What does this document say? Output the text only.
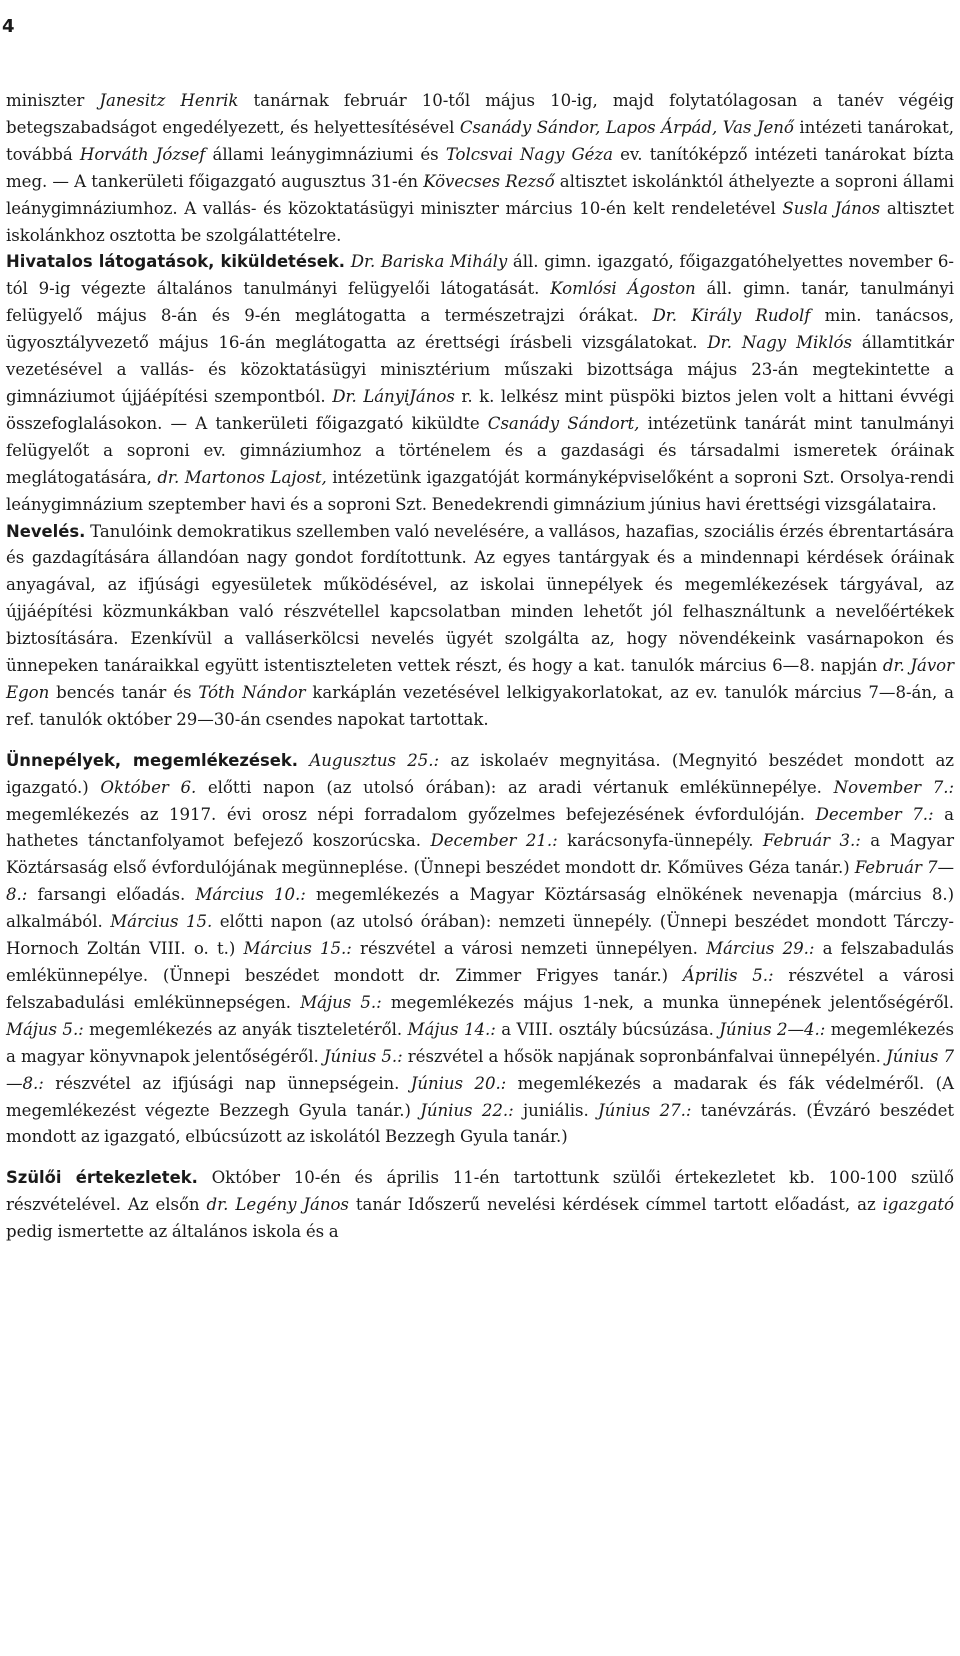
4

miniszter Janesitz Henrik tanárnak február 10-től május 10-ig, majd folytatólagosan a tanév végéig betegszabadságot engedélyezett, és helyettesítésével Csanády Sándor, Lapos Árpád, Vas Jenő intézeti tanárokat, továbbá Horváth József állami leánygimnáziumi és Tolcsvai Nagy Géza ev. tanítóképző intézeti tanárokat bízta meg. — A tankerületi főigazgató augusztus 31-én Kövecses Rezső altisztet iskolánktól áthelyezte a soproni állami leánygimnáziumhoz. A vallás- és közoktatásügyi miniszter március 10-én kelt rendeletével Susla János altisztet iskolánkhoz osztotta be szolgálattételre.

Hivatalos látogatások, kiküldetések. Dr. Bariska Mihály áll. gimn. igazgató, főigazgatóhelyettes november 6-tól 9-ig végezte általános tanulmányi felügyelői látogatását. Komlósi Ágoston áll. gimn. tanár, tanulmányi felügyelő május 8-án és 9-én meglátogatta a természetrajzi órákat. Dr. Király Rudolf min. tanácsos, ügyosztályvezető május 16-án meglátogatta az érettségi írásbeli vizsgálatokat. Dr. Nagy Miklós államtitkár vezetésével a vallás- és közoktatásügyi minisztérium műszaki bizottsága május 23-án megtekintette a gimnáziumot újjáépítési szempontból. Dr. LányiJános r. k. lelkész mint püspöki biztos jelen volt a hittani évvégi összefoglalásokon. — A tankerületi főigazgató kiküldte Csanády Sándort, intézetünk tanárát mint tanulmányi felügyelőt a soproni ev. gimnáziumhoz a történelem és a gazdasági és társadalmi ismeretek óráinak meglátogatására, dr. Martonos Lajost, intézetünk igazgatóját kormányképviselőként a soproni Szt. Orsolya-rendi leánygimnázium szeptember havi és a soproni Szt. Benedekrendi gimnázium június havi érettségi vizsgálataira.

Nevelés. Tanulóink demokratikus szellemben való nevelésére, a vallásos, hazafias, szociális érzés ébrentartására és gazdagítására állandóan nagy gondot fordítottunk. Az egyes tantárgyak és a mindennapi kérdések óráinak anyagával, az ifjúsági egyesületek működésével, az iskolai ünnepélyek és megemlékezések tárgyával, az újjáépítési közmunkákban való részvétellel kapcsolatban minden lehetőt jól felhasználtunk a nevelőértékek biztosítására. Ezenkívül a valláserkölcsi nevelés ügyét szolgálta az, hogy növendékeink vasárnapokon és ünnepeken tanáraikkal együtt istentiszteleten vettek részt, és hogy a kat. tanulók március 6—8. napján dr. Jávor Egon bencés tanár és Tóth Nándor karkáplán vezetésével lelkigyakorlatokat, az ev. tanulók március 7—8-án, a ref. tanulók október 29—30-án csendes napokat tartottak.

Ünnepélyek, megemlékezések. Augusztus 25.: az iskolaév megnyitása. (Megnyitó beszédet mondott az igazgató.) Október 6. előtti napon (az utolsó órában): az aradi vértanuk emlékünnepélye. November 7.: megemlékezés az 1917. évi orosz népi forradalom győzelmes befejezésének évfordulóján. December 7.: a hathetes tánctanfolyamot befejező koszorúcska. December 21.: karácsonyfa-ünnepély. Február 3.: a Magyar Köztársaság első évfordulójának megünneplése. (Ünnepi beszédet mondott dr. Kőmüves Géza tanár.) Február 7—8.: farsangi előadás. Március 10.: megemlékezés a Magyar Köztársaság elnökének nevenapja (március 8.) alkalmából. Március 15. előtti napon (az utolsó órában): nemzeti ünnepély. (Ünnepi beszédet mondott Tárczy-Hornoch Zoltán VIII. o. t.) Március 15.: részvétel a városi nemzeti ünnepélyen. Március 29.: a felszabadulás emlékünnepélye. (Ünnepi beszédet mondott dr. Zimmer Frigyes tanár.) Április 5.: részvétel a városi felszabadulási emlékünnepségen. Május 5.: megemlékezés május 1-nek, a munka ünnepének jelentőségéről. Május 5.: megemlékezés az anyák tiszteletéről. Május 14.: a VIII. osztály búcsúzása. Június 2—4.: megemlékezés a magyar könyvnapok jelentőségéről. Június 5.: részvétel a hősök napjának sopronbánfalvai ünnepélyén. Június 7—8.: részvétel az ifjúsági nap ünnepségein. Június 20.: megemlékezés a madarak és fák védelméről. (A megemlékezést végezte Bezzegh Gyula tanár.) Június 22.: juniális. Június 27.: tanévzárás. (Évzáró beszédet mondott az igazgató, elbúcsúzott az iskolától Bezzegh Gyula tanár.)

Szülői értekezletek. Október 10-én és április 11-én tartottunk szülői értekezletet kb. 100-100 szülő részvételével. Az elsőn dr. Legény János tanár Időszerű nevelési kérdések címmel tartott előadást, az igazgató pedig ismertette az általános iskola és a
